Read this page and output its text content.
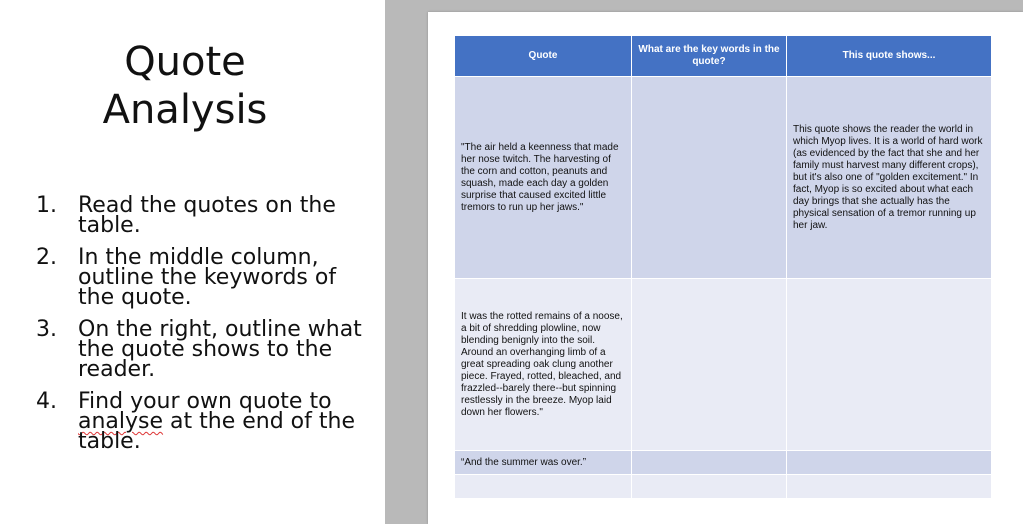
Quote
Analysis
1. Read the quotes on the table.
2. In the middle column, outline the keywords of the quote.
3. On the right, outline what the quote shows to the reader.
4. Find your own quote to analyse at the end of the table.
Quote	What are the key words in the quote?	This quote shows...
"The air held a keenness that made her nose twitch. The harvesting of the corn and cotton, peanuts and squash, made each day a golden surprise that caused excited little tremors to run up her jaws."		This quote shows the reader the world in which Myop lives. It is a world of hard work (as evidenced by the fact that she and her family must harvest many different crops), but it's also one of "golden excitement." In fact, Myop is so excited about what each day brings that she actually has the physical sensation of a tremor running up her jaw.
It was the rotted remains of a noose, a bit of shredding plowline, now blending benignly into the soil. Around an overhanging limb of a great spreading oak clung another piece. Frayed, rotted, bleached, and frazzled--barely there--but spinning restlessly in the breeze. Myop laid down her flowers."		
“And the summer was over.”		
